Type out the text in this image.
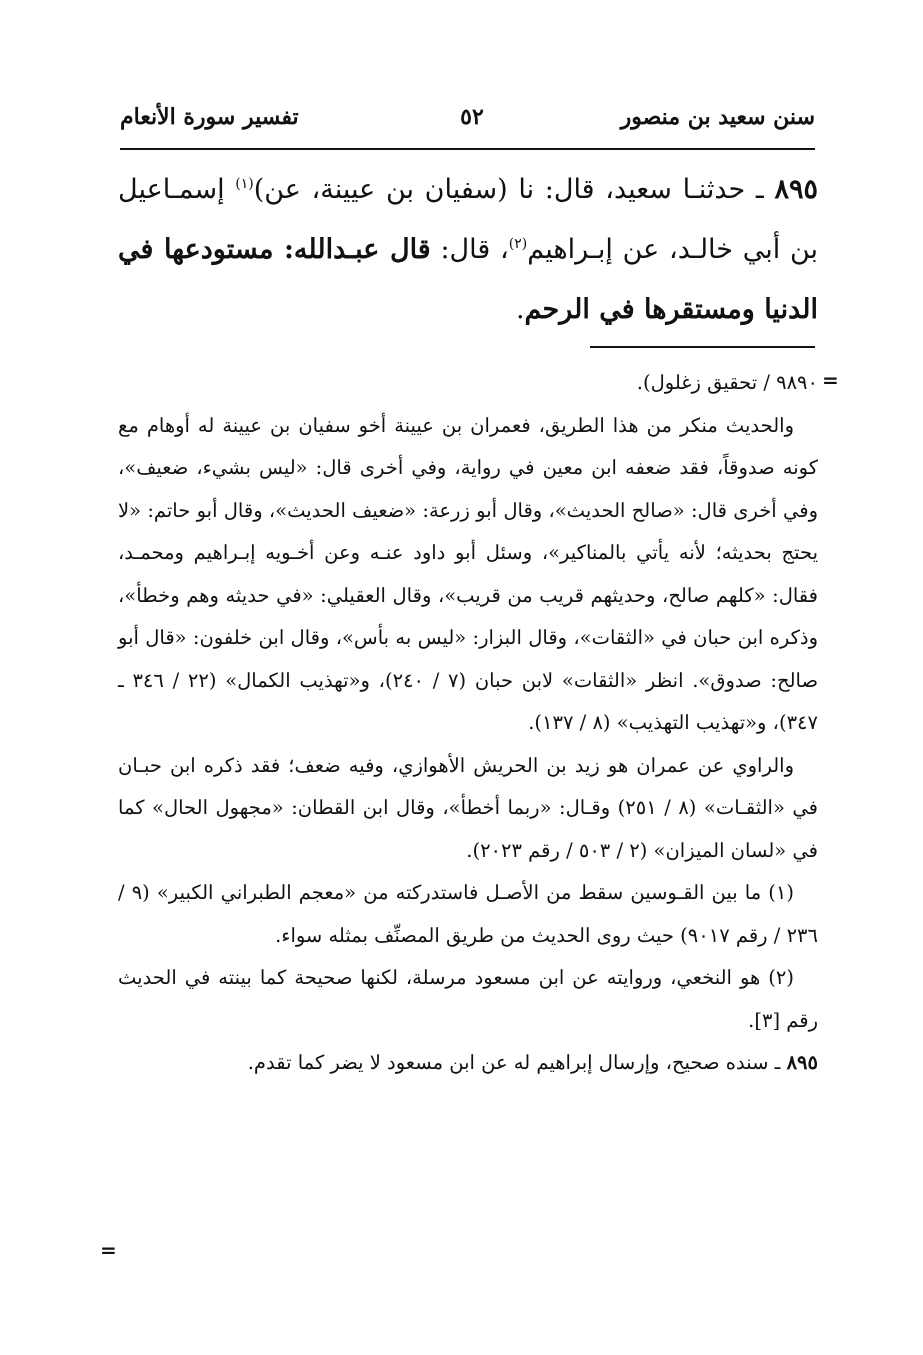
سنن سعيد بن منصور
٥٢
تفسير سورة الأنعام

٨٩٥ ـ حدثنـا سعيد، قال: نا (سفيان بن عيينة، عن)$^{(١)}$ إسمـاعيل بن أبي خالـد، عن إبـراهيم$^{(٢)}$، قال: قال عبـدالله: مستودعها في الدنيا ومستقرها في الرحم.

=

٩٨٩٠ / تحقيق زغلول).

والحديث منكر من هذا الطريق، فعمران بن عيينة أخو سفيان بن عيينة له أوهام مع كونه صدوقاً، فقد ضعفه ابن معين في رواية، وفي أخرى قال: «ليس بشيء، ضعيف»، وفي أخرى قال: «صالح الحديث»، وقال أبو زرعة: «ضعيف الحديث»، وقال أبو حاتم: «لا يحتج بحديثه؛ لأنه يأتي بالمناكير»، وسئل أبو داود عنـه وعن أخـويه إبـراهيم ومحمـد، فقال: «كلهم صالح، وحديثهم قريب من قريب»، وقال العقيلي: «في حديثه وهم وخطأ»، وذكره ابن حبان في «الثقات»، وقال البزار: «ليس به بأس»، وقال ابن خلفون: «قال أبو صالح: صدوق». انظر «الثقات» لابن حبان (٧ / ٢٤٠)، و«تهذيب الكمال» (٢٢ / ٣٤٦ ـ ٣٤٧)، و«تهذيب التهذيب» (٨ / ١٣٧).

والراوي عن عمران هو زيد بن الحريش الأهوازي، وفيه ضعف؛ فقد ذكره ابن حبـان في «الثقـات» (٨ / ٢٥١) وقـال: «ربما أخطأ»، وقال ابن القطان: «مجهول الحال» كما في «لسان الميزان» (٢ / ٥٠٣ / رقم ٢٠٢٣).

(١) ما بين القـوسين سقط من الأصـل فاستدركته من «معجم الطبراني الكبير» (٩ / ٢٣٦ / رقم ٩٠١٧) حيث روى الحديث من طريق المصنِّف بمثله سواء.

(٢) هو النخعي، وروايته عن ابن مسعود مرسلة، لكنها صحيحة كما بينته في الحديث رقم [٣].

٨٩٥ ـ سنده صحيح، وإرسال إبراهيم له عن ابن مسعود لا يضر كما تقدم.

=
